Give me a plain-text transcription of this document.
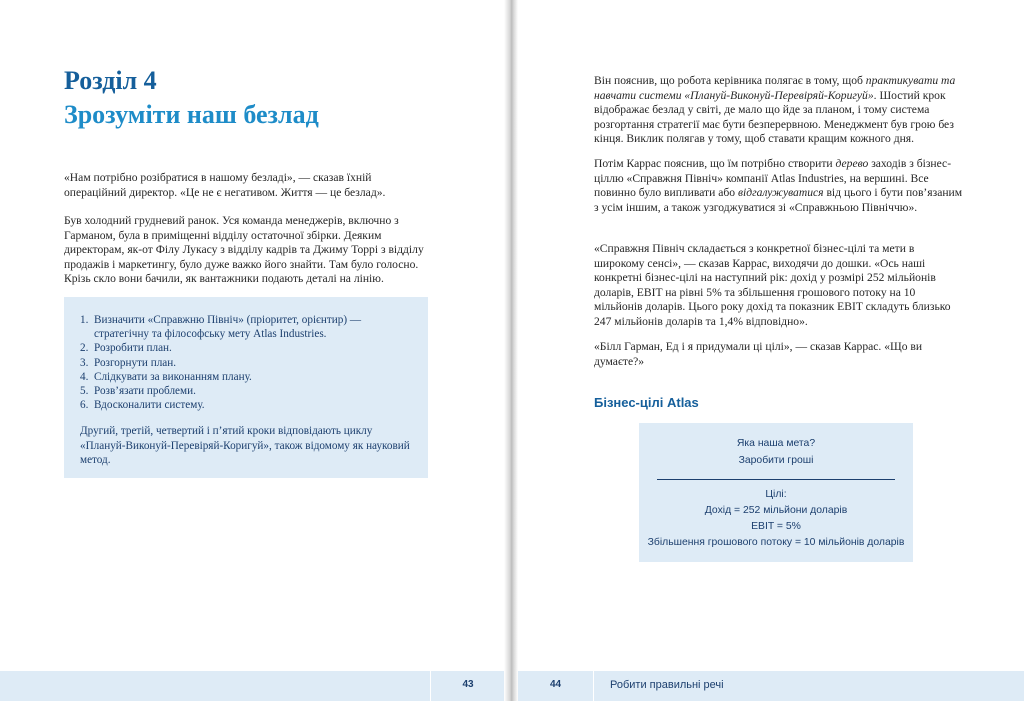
Розділ 4
Зрозуміти наш безлад

«Нам потрібно розібратися в нашому безладі», — сказав їхній операційний директор. «Це не є негативом. Життя — це безлад».

Був холодний грудневий ранок. Уся команда менеджерів, включно з Гарманом, була в приміщенні відділу остаточної збірки. Деяким директорам, як-от Філу Лукасу з відділу кадрів та Джиму Торрі з відділу продажів і маркетингу, було дуже важко його знайти. Там було голосно. Крізь скло вони бачили, як вантажники подають деталі на лінію.

1. Визначити «Справжню Північ» (пріоритет, орієнтир) — стратегічну та філософську мету Atlas Industries.
2. Розробити план.
3. Розгорнути план.
4. Слідкувати за виконанням плану.
5. Розв’язати проблеми.
6. Вдосконалити систему.

Другий, третій, четвертий і п’ятий кроки відповідають циклу «Плануй-Виконуй-Перевіряй-Коригуй», також відомому як науковий метод.

Він пояснив, що робота керівника полягає в тому, щоб практикувати та навчати системи «Плануй-Виконуй-Перевіряй-Коригуй». Шостий крок відображає безлад у світі, де мало що йде за планом, і тому система розгортання стратегії має бути безперервною. Менеджмент був грою без кінця. Виклик полягав у тому, щоб ставати кращим кожного дня.

Потім Каррас пояснив, що їм потрібно створити дерево заходів з бізнес-ціллю «Справжня Північ» компанії Atlas Industries, на вершині. Все повинно було випливати або відгалужуватися від цього і бути пов’язаним з усім іншим, а також узгоджуватися зі «Справжньою Північчю».

«Справжня Північ складається з конкретної бізнес-цілі та мети в широкому сенсі», — сказав Каррас, виходячи до дошки. «Ось наші конкретні бізнес-цілі на наступний рік: дохід у розмірі 252 мільйонів доларів, EBIT на рівні 5% та збільшення грошового потоку на 10 мільйонів доларів. Цього року дохід та показник EBIT складуть близько 247 мільйонів доларів та 1,4% відповідно».

«Білл Гарман, Ед і я придумали ці цілі», — сказав Каррас. «Що ви думаєте?»

Бізнес-цілі Atlas
Яка наша мета?
Заробити гроші
Цілі:
Дохід = 252 мільйони доларів
EBIT = 5%
Збільшення грошового потоку = 10 мільйонів доларів
43	44	Робити правильні речі
